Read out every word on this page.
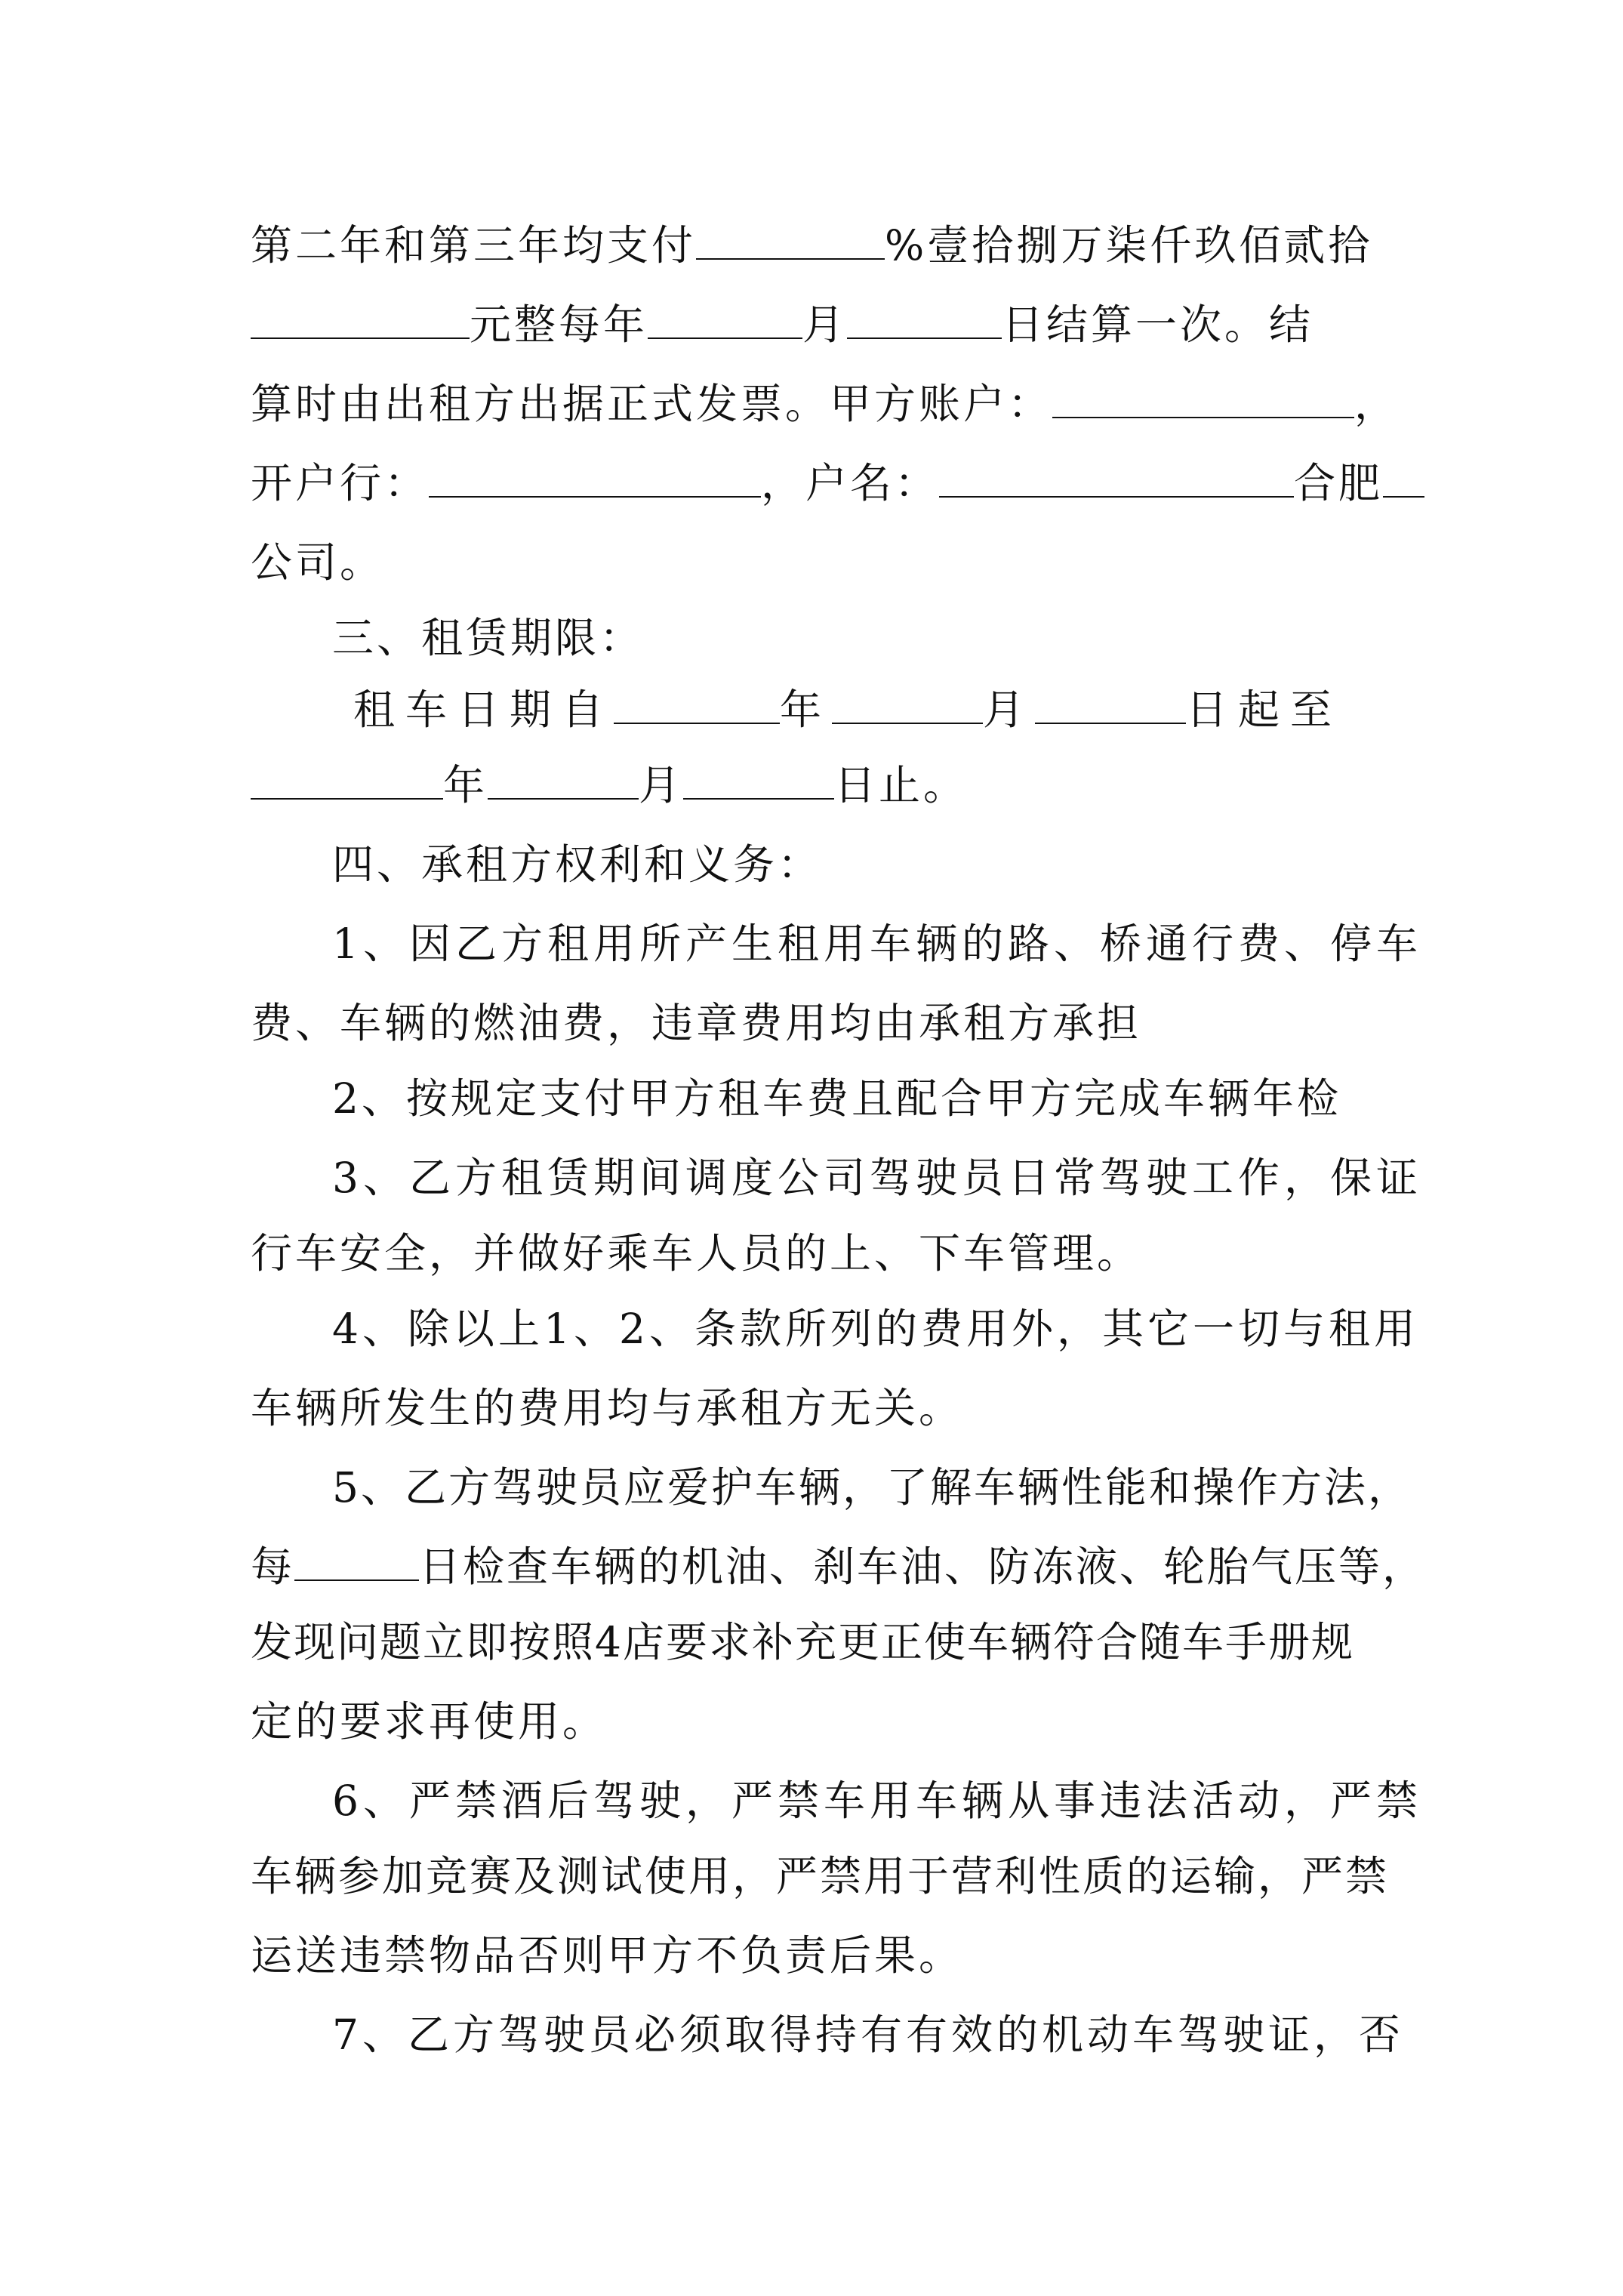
第二年和第三年均支付	%壹拾捌万柒仟玖佰贰拾
元整每年	月	日结算一次。结
算时由出租方出据正式发票。甲方账户：	，
开户行：	，户名：	合肥
公司。
三、租赁期限：
租车日期自	年	月	日起至
年	月	日止。
四、承租方权利和义务：
1、因乙方租用所产生租用车辆的路、桥通行费、停车
费、车辆的燃油费，违章费用均由承租方承担
2、按规定支付甲方租车费且配合甲方完成车辆年检
3、乙方租赁期间调度公司驾驶员日常驾驶工作，保证
行车安全，并做好乘车人员的上、下车管理。
4、除以上1、2、条款所列的费用外，其它一切与租用
车辆所发生的费用均与承租方无关。
5、乙方驾驶员应爱护车辆，了解车辆性能和操作方法，
每	日检查车辆的机油、刹车油、防冻液、轮胎气压等，
发现问题立即按照4店要求补充更正使车辆符合随车手册规
定的要求再使用。
6、严禁酒后驾驶，严禁车用车辆从事违法活动，严禁
车辆参加竞赛及测试使用，严禁用于营利性质的运输，严禁
运送违禁物品否则甲方不负责后果。
7、乙方驾驶员必须取得持有有效的机动车驾驶证，否
